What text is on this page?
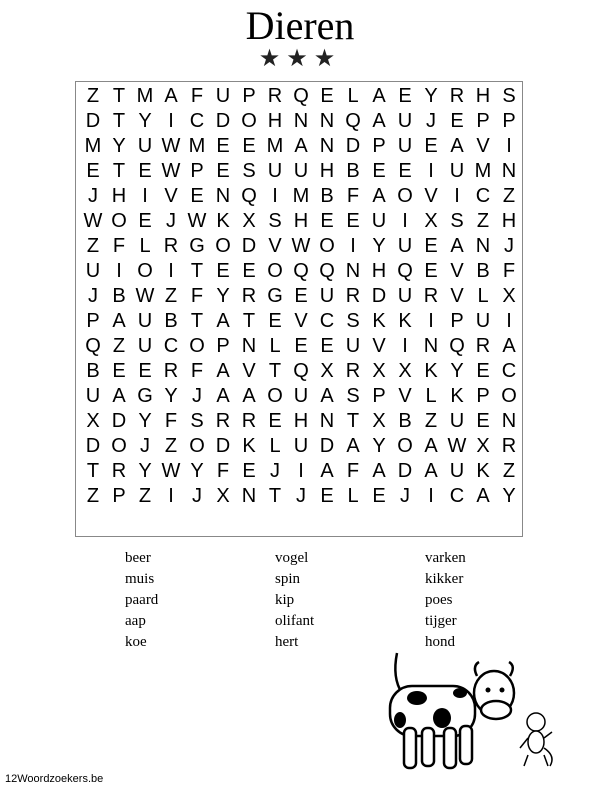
Dieren
★★★
Z T M A F U P R Q E L A E Y R H S
D T Y I C D O H N N Q A U J E P P
M Y U W M E E M A N D P U E A V I
E T E W P E S U U H B E E I U M N
J H I V E N Q I M B F A O V I C Z
W O E J W K X S H E E U I X S Z H
Z F L R G O D V W O I Y U E A N J
U I O I T E E O Q Q N H Q E V B F
J B W Z F Y R G E U R D U R V L X
P A U B T A T E V C S K K I P U I
Q Z U C O P N L E E U V I N Q R A
B E E R F A V T Q X R X X K Y E C
U A G Y J A A O U A S P V L K P O
X D Y F S R R E H N T X B Z U E N
D O J Z O D K L U D A Y O A W X R
T R Y W Y F E J I A F A D A U K Z
Z P Z I J X N T J E L E J I C A Y
beer
muis
paard
aap
koe
vogel
spin
kip
olifant
hert
varken
kikker
poes
tijger
hond
12Woordzoekers.be
